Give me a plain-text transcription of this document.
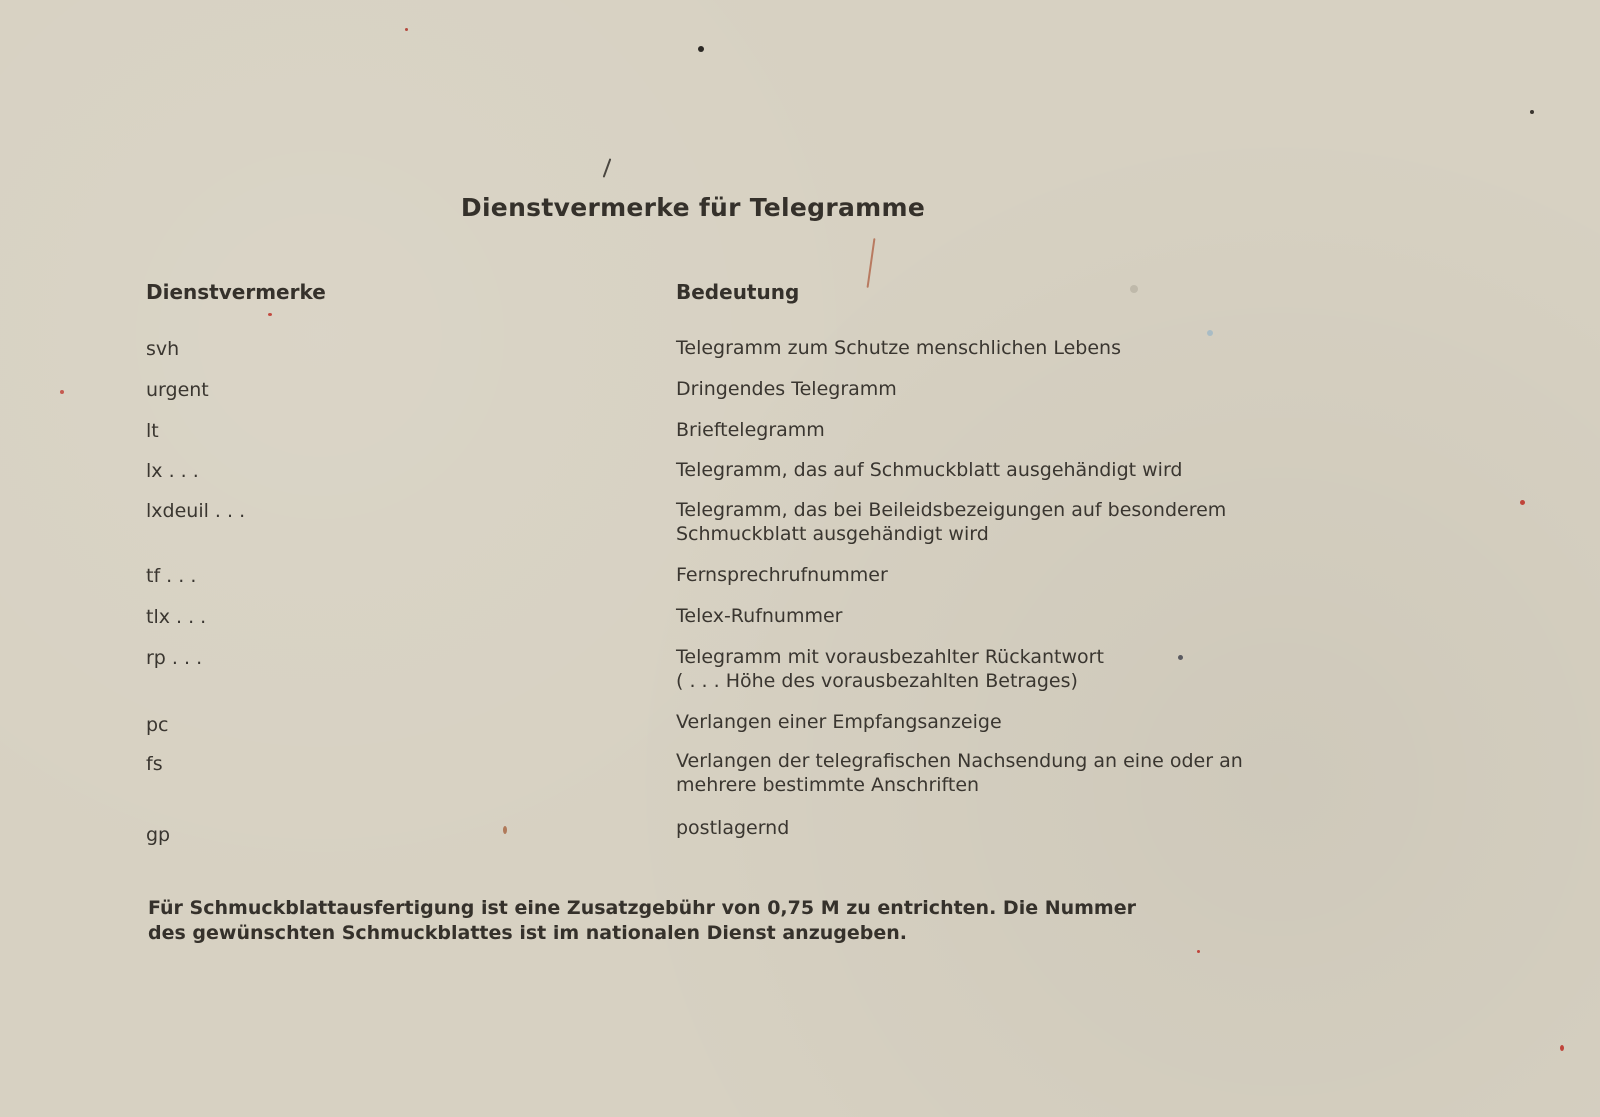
Dienstvermerke für Telegramme
Dienstvermerke	Bedeutung
svh	Telegramm zum Schutze menschlichen Lebens
urgent	Dringendes Telegramm
lt	Brieftelegramm
lx . . .	Telegramm, das auf Schmuckblatt ausgehändigt wird
lxdeuil . . .	Telegramm, das bei Beileidsbezeigungen auf besonderem
Schmuckblatt ausgehändigt wird
tf . . .	Fernsprechrufnummer
tlx . . .	Telex-Rufnummer
rp . . .	Telegramm mit vorausbezahlter Rückantwort
( . . . Höhe des vorausbezahlten Betrages)
pc	Verlangen einer Empfangsanzeige
fs	Verlangen der telegrafischen Nachsendung an eine oder an
mehrere bestimmte Anschriften
gp	postlagernd
Für Schmuckblattausfertigung ist eine Zusatzgebühr von 0,75 M zu entrichten. Die Nummer
des gewünschten Schmuckblattes ist im nationalen Dienst anzugeben.
